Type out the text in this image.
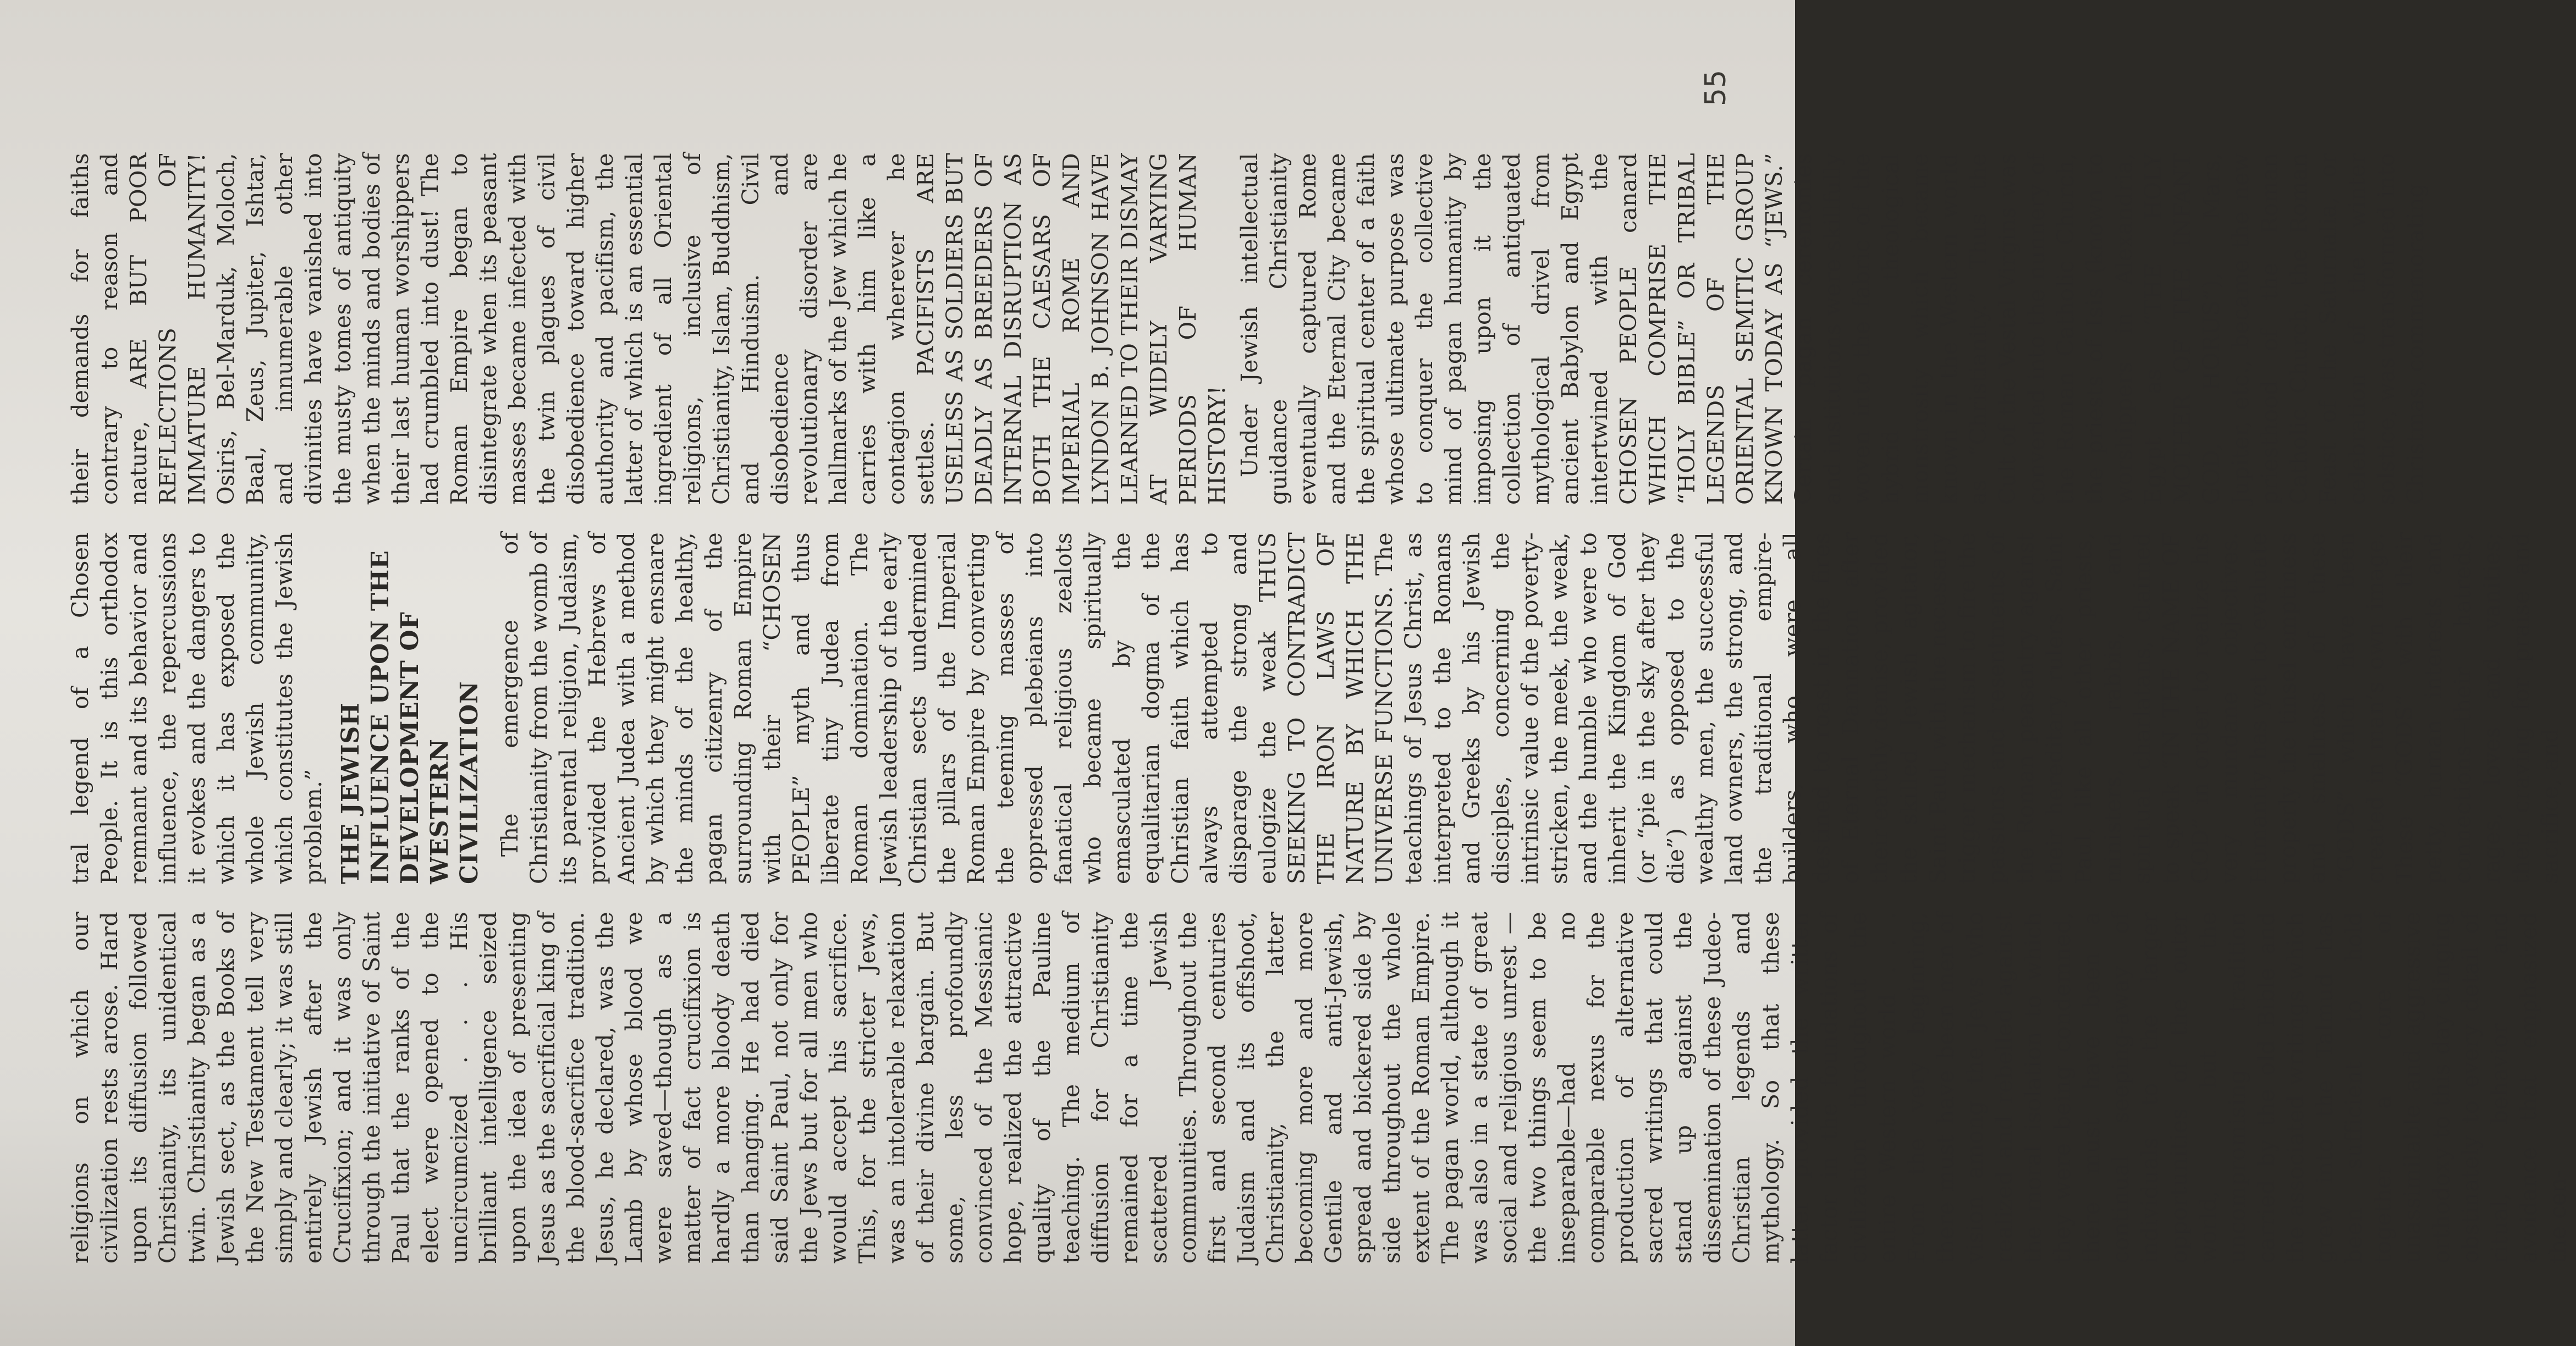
religions on which our civilization rests arose. Hard upon its diffusion followed Christianity, its unidentical twin. Christianity began as a Jewish sect, as the Books of the New Testament tell very simply and clearly; it was still entirely Jewish after the Crucifixion; and it was only through the initiative of Saint Paul that the ranks of the elect were opened to the uncircumcized . . . His brilliant intelligence seized upon the idea of presenting Jesus as the sacrificial king of the blood-sacrifice tradition. Jesus, he declared, was the Lamb by whose blood we were saved—though as a matter of fact crucifixion is hardly a more bloody death than hanging. He had died said Saint Paul, not only for the Jews but for all men who would accept his sacrifice. This, for the stricter Jews, was an intolerable relaxation of their divine bargain. But some, less profoundly convinced of the Messianic hope, realized the attractive quality of the Pauline teaching. The medium of diffusion for Christianity remained for a time the scattered Jewish communities. Throughout the first and second centuries Judaism and its offshoot, Christianity, the latter becoming more and more Gentile and anti-Jewish, spread and bickered side by side throughout the whole extent of the Roman Empire. The pagan world, although it was also in a state of great social and religious unrest —the two things seem to be inseparable—had no comparable nexus for the production of alternative sacred writings that could stand up against the dissemination of these Judeo-Christian legends and mythology. So that these latter provided the written factor in the foundations of civilization throughout the entire Western world . . . From the very beginning, there must have been men of vision among the Jews who realized and rebelled against the moral isolation to which they were being condemned, there must have been a continual seeping-away of individuals to the larger opportunities of the outer world, but the uncompromising tradition carried by the old Bible and the associated writings which grew into the Talmud has been sufficient to hold together a core of unassimilable and aggressive orthodoxy to this day clinging obstinately to every detail of ritual, behavior and avoidance that emphasized the cen-

tral legend of a Chosen People. It is this orthodox remnant and its behavior and influence, the repercussions it evokes and the dangers to which it has exposed the whole Jewish community, which constitutes the Jewish problem.” THE JEWISH INFLUENCE UPON THE DEVELOPMENT OF WESTERN CIVILIZATION The emergence of Christianity from the womb of its parental religion, Judaism, provided the Hebrews of Ancient Judea with a method by which they might ensnare the minds of the healthy, pagan citizenry of the surrounding Roman Empire with their “CHOSEN PEOPLE” myth and thus liberate tiny Judea from Roman domination. The Jewish leadership of the early Christian sects undermined the pillars of the Imperial Roman Empire by converting the teeming masses of oppressed plebeians into fanatical religious zealots who became spiritually emasculated by the equalitarian dogma of the Christian faith which has always attempted to disparage the strong and eulogize the weak THUS SEEKING TO CONTRADICT THE IRON LAWS OF NATURE BY WHICH THE UNIVERSE FUNCTIONS. The teachings of Jesus Christ, as interpreted to the Romans and Greeks by his Jewish disciples, concerning the intrinsic value of the poverty-stricken, the meek, the weak, and the humble who were to inherit the Kingdom of God (or “pie in the sky after they die”) as opposed to the wealthy men, the successful land owners, the strong, and the traditional empire-builders, who were all destined to roast in the fires of Eternal Damnation after their earthly demise, provided the skilled Jewish agitator, Saint Paul, with the necessary trigger mechanism to fire the passions and resentments of the Roman peasantry against their hereditary rulers. Saint Paul, like all other priests, ministers, rabbis, and spiritual charlatans, claimed to speak “IN THE NAME OF GOD” in order to realize his very mundane objectives. Humanity has yet to evaluate properly the tinsel emptiness and smallness of these “GODS” which have been created in man’s own image. These “GODS” with their petty, human interests and connections—their hatreds, rages, loves and vanities; their craving for praise and sacrifice, and

their demands for faiths contrary to reason and nature, ARE BUT POOR REFLECTIONS OF IMMATURE HUMANITY! Osiris, Bel-Marduk, Moloch, Baal, Zeus, Jupiter, Ishtar, and innumerable other divinities have vanished into the musty tomes of antiquity when the minds and bodies of their last human worshippers had crumbled into dust! The Roman Empire began to disintegrate when its peasant masses became infected with the twin plagues of civil disobedience toward higher authority and pacifism, the latter of which is an essential ingredient of all Oriental religions, inclusive of Christianity, Islam, Buddhism, and Hinduism. Civil disobedience and revolutionary disorder are hallmarks of the Jew which he carries with him like a contagion wherever he settles. PACIFISTS ARE USELESS AS SOLDIERS BUT DEADLY AS BREEDERS OF INTERNAL DISRUPTION AS BOTH THE CAESARS OF IMPERIAL ROME AND LYNDON B. JOHNSON HAVE LEARNED TO THEIR DISMAY AT WIDELY VARYING PERIODS OF HUMAN HISTORY! Under Jewish intellectual guidance Christianity eventually captured Rome and the Eternal City became the spiritual center of a faith whose ultimate purpose was to conquer the collective mind of pagan humanity by imposing upon it the collection of antiquated mythological drivel from ancient Babylon and Egypt intertwined with the CHOSEN PEOPLE canard WHICH COMPRISE THE “HOLY BIBLE” OR TRIBAL LEGENDS OF THE ORIENTAL SEMITIC GROUP KNOWN TODAY AS “JEWS.” Certain pagan ceremonies and institutions were skillfully woven into the fabric of the hybrid theological monstrosity which became known in the Western world as “Christianity.” Thus the Cult of the Vestal Virgins was converted into the nunnery of the Roman Catholic Church, the priests of Isis (known to worshippers in Alexandria, Egypt as “THE HOLY MOTHER OF THE INFANT GOD, HORUS”), Mars, Jupiter, etc., became the new priesthood of the Roman Catholic Church, the Roman Feast of the Saturnalia, or celebration of the winter solstice, was transformed into Christmas, commemorating

55
